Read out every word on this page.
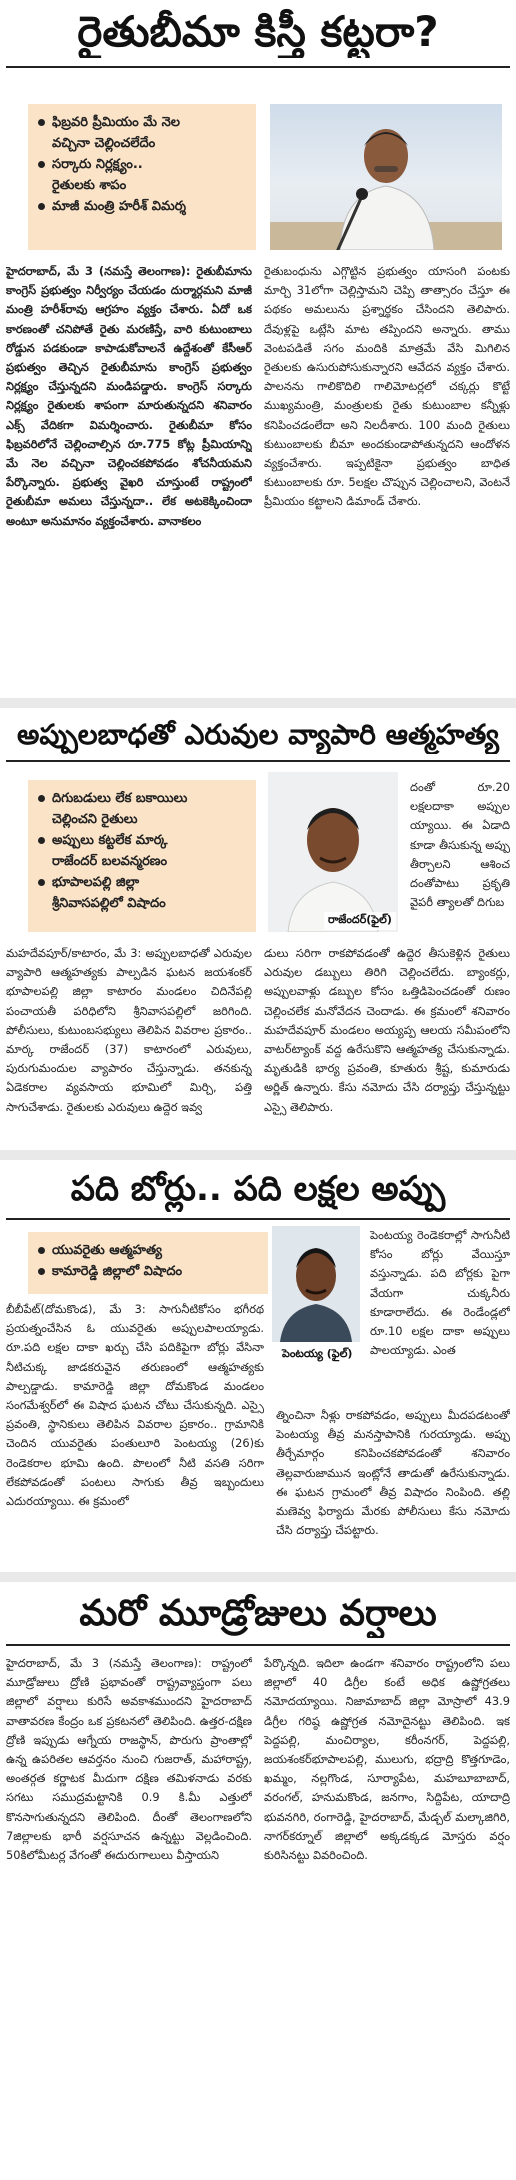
రైతుబీమా కిస్తీ కట్టరా?
ఫిబ్రవరి ప్రీమియం మే నెల
వచ్చినా చెల్లించలేదేం
సర్కారు నిర్లక్ష్యం..
రైతులకు శాపం
మాజీ మంత్రి హరీశ్ విమర్శ
హైదరాబాద్, మే 3 (నమస్తే తెలంగాణ): రైతుబీమాను కాంగ్రెస్ ప్రభుత్వం నిర్వీర్యం చేయడం దుర్మార్గమని మాజీ మంత్రి హరీశ్‌రావు ఆగ్రహం వ్యక్తం చేశారు. ఏదో ఒక కారణంతో చనిపోతే రైతు మరణిస్తే, వారి కుటుంబాలు రోడ్డున పడకుండా కాపాడుకోవాలనే ఉద్దేశంతో కేసీఆర్ ప్రభుత్వం తెచ్చిన రైతుబీమాను కాంగ్రెస్ ప్రభుత్వం నిర్లక్ష్యం చేస్తున్నదని మండిపడ్డారు. కాంగ్రెస్ సర్కారు నిర్లక్ష్యం రైతులకు శాపంగా మారుతున్నదని శనివారం ఎక్స్ వేదికగా విమర్శించారు. రైతుబీమా కోసం ఫిబ్రవరిలోనే చెల్లించాల్సిన రూ.775 కోట్ల ప్రీమియాన్ని మే నెల వచ్చినా చెల్లించకపోవడం శోచనీయమని పేర్కొన్నారు. ప్రభుత్వ వైఖరి చూస్తుంటే రాష్ట్రంలో రైతుబీమా అమలు చేస్తున్నదా.. లేక అటకెక్కించిందా అంటూ అనుమానం వ్యక్తంచేశారు. వానాకలం
రైతుబంధును ఎగ్గొట్టిన ప్రభుత్వం యాసంగి పంటకు మార్చి 31లోగా చెల్లిస్తామని చెప్పి తాత్సారం చేస్తూ ఈ పథకం అమలును ప్రశ్నార్థకం చేసిందని తెలిపారు. దేవుళ్లపై ఒట్లేసి మాట తప్పిందని అన్నారు. తాము వెంటపడితే సగం మందికి మాత్రమే వేసి మిగిలిన రైతులకు ఉసురుపోసుకున్నారని ఆవేదన వ్యక్తం చేశారు. పాలనను గాలికొదిలి గాలిమోటర్లలో చక్కర్లు కొట్టే ముఖ్యమంత్రి, మంత్రులకు రైతు కుటుంబాల కన్నీళ్లు కనిపించడంలేదా అని నిలదీశారు. 100 మంది రైతులు కుటుంబాలకు బీమా అందకుండాపోతున్నదని ఆందోళన వ్యక్తంచేశారు. ఇప్పటికైనా ప్రభుత్వం బాధిత కుటుంబాలకు రూ. 5లక్షల చొప్పున చెల్లించాలని, వెంటనే ప్రీమియం కట్టాలని డిమాండ్ చేశారు.
అప్పులబాధతో ఎరువుల వ్యాపారి ఆత్మహత్య
దిగుబడులు లేక బకాయిలు
చెల్లించని రైతులు
అప్పులు కట్టలేక మార్క
రాజేందర్ బలవన్మరణం
భూపాలపల్లి జిల్లా
శ్రీనివాసపల్లిలో విషాదం
రాజేందర్(ఫైల్)
దంతో రూ.20 లక్షలదాకా అప్పుల య్యాయి. ఈ ఏడాది కూడా తీసుకున్న అప్పు తీర్చాలని ఆశించ దంతోపాటు ప్రకృతి వైపరీ త్యాలతో దిగుబ
మహదేవపూర్/కాటారం, మే 3: అప్పులబాధతో ఎరువుల వ్యాపారి ఆత్మహత్యకు పాల్పడిన ఘటన జయశంకర్ భూపాలపల్లి జిల్లా కాటారం మండలం చిదినేపల్లి పంచాయతీ పరిధిలోని శ్రీనివాసపల్లిలో జరిగింది. పోలీసులు, కుటుంబసభ్యులు తెలిపిన వివరాల ప్రకారం.. మార్క రాజేందర్ (37) కాటారంలో ఎరువులు, పురుగుమందుల వ్యాపారం చేస్తున్నాడు. తనకున్న ఏడెకరాల వ్యవసాయ భూమిలో మిర్చి, పత్తి సాగుచేశాడు. రైతులకు ఎరువులు ఉద్దెర ఇవ్వ
డులు సరిగా రాకపోవడంతో ఉద్దెర తీసుకెళ్లిన రైతులు ఎరువుల డబ్బులు తిరిగి చెల్లించలేదు. బ్యాంకర్లు, అప్పులవాళ్లు డబ్బుల కోసం ఒత్తిడిపెంచడంతో రుణం చెల్లించలేక మనోవేదన చెందాడు. ఈ క్రమంలో శనివారం మహదేవపూర్ మండలం అయ్యప్ప ఆలయ సమీపంలోని వాటర్‌ట్యాంక్ వద్ద ఉరేసుకొని ఆత్మహత్య చేసుకున్నాడు. మృతుడికి భార్య ప్రవంతి, కూతురు శ్రీష్ట, కుమారుడు అర్ణిత్ ఉన్నారు. కేసు నమోదు చేసి దర్యాప్తు చేస్తున్నట్టు ఎస్సై తెలిపారు.
పది బోర్లు.. పది లక్షల అప్పు
యువరైతు ఆత్మహత్య
కామారెడ్డి జిల్లాలో విషాదం
పెంటయ్య (ఫైల్)
పెంటయ్య రెండెకరాల్లో సాగునీటి కోసం బోర్లు వేయిస్తూ వస్తున్నాడు. పది బోర్లకు పైగా వేయగా చుక్కనీరు కూడారాలేదు. ఈ రెండేండ్లలో రూ.10 లక్షల దాకా అప్పులు పాలయ్యాడు. ఎంత
బీబీపేట్(దోమకొండ), మే 3: సాగునీటికోసం భగీరథ ప్రయత్నంచేసిన ఓ యువరైతు అప్పులపాలయ్యాడు. రూ.పది లక్షల దాకా ఖర్చు చేసి పదికిపైగా బోర్లు వేసినా నీటిచుక్క జాడకరువైన తరుణంలో ఆత్మహత్యకు పాల్పడ్డాడు. కామారెడ్డి జిల్లా దోమకొండ మండలం సంగమేశ్వర్‌లో ఈ విషాద ఘటన చోటు చేసుకున్నది. ఎస్సై ప్రవంతి, స్థానికులు తెలిపిన వివరాల ప్రకారం.. గ్రామానికి చెందిన యువరైతు పంతులూరి పెంటయ్య (26)కు రెండెకరాల భూమి ఉంది. పొలంలో నీటి వసతి సరిగా లేకపోవడంతో పంటలు సాగుకు తీవ్ర ఇబ్బందులు ఎదురయ్యాయి. ఈ క్రమంలో
త్నించినా నీళ్లు రాకపోవడం, అప్పులు మీదపడటంతో పెంటయ్య తీవ్ర మనస్తాపానికి గురయ్యాడు. అప్పు తీర్చేమార్గం కనిపించకపోవడంతో శనివారం తెల్లవారుజామున ఇంట్లోనే తాడుతో ఉరేసుకున్నాడు. ఈ ఘటన గ్రామంలో తీవ్ర విషాదం నింపింది. తల్లి మణెవ్వ ఫిర్యాదు మేరకు పోలీసులు కేసు నమోదు చేసి దర్యాప్తు చేపట్టారు.
మరో మూడ్రోజులు వర్షాలు
హైదరాబాద్, మే 3 (నమస్తే తెలంగాణ): రాష్ట్రంలో మూడ్రోజులు ద్రోణి ప్రభావంతో రాష్ట్రవ్యాప్తంగా పలు జిల్లాలో వర్షాలు కురిసే అవకాశముందని హైదరాబాద్ వాతావరణ కేంద్రం ఒక ప్రకటనలో తెలిపింది. ఉత్తర-దక్షిణ ద్రోణి ఇప్పుడు ఆగ్నేయ రాజస్థాన్, పొరుగు ప్రాంతాల్లో ఉన్న ఉపరితల ఆవర్తనం నుంచి గుజరాత్, మహారాష్ట్ర, అంతర్గత కర్ణాటక మీదుగా దక్షిణ తమిళనాడు వరకు సగటు సముద్రమట్టానికి 0.9 కి.మీ ఎత్తులో కొనసాగుతున్నదని తెలిపింది. దీంతో తెలంగాణలోని 7జిల్లాలకు భారీ వర్షసూచన ఉన్నట్టు వెల్లడించింది. 50కిలోమీటర్ల వేగంతో ఈదురుగాలులు వీస్తాయని
పేర్కొన్నది. ఇదిలా ఉండగా శనివారం రాష్ట్రంలోని పలు జిల్లాలో 40 డిగ్రీల కంటే అధిక ఉష్ణోగ్రతలు నమోదయ్యాయి. నిజామాబాద్ జిల్లా మోస్రాలో 43.9 డిగ్రీల గరిష్ఠ ఉష్ణోగ్రత నమోదైనట్టు తెలిపింది. ఇక పెద్దపల్లి, మంచిర్యాల, కరీంనగర్, పెద్దపల్లి, జయశంకర్‌భూపాలపల్లి, ములుగు, భద్రాద్రి కొత్తగూడెం, ఖమ్మం, నల్లగొండ, సూర్యాపేట, మహబూబాబాద్, వరంగల్, హనుమకొండ, జనగాం, సిద్దిపేట, యాదాద్రి భువనగిరి, రంగారెడ్డి, హైదరాబాద్, మేడ్చల్ మల్కాజిగిరి, నాగర్‌కర్నూల్ జిల్లాలో అక్కడక్కడ మోస్తరు వర్షం కురిసినట్టు వివరించింది.
